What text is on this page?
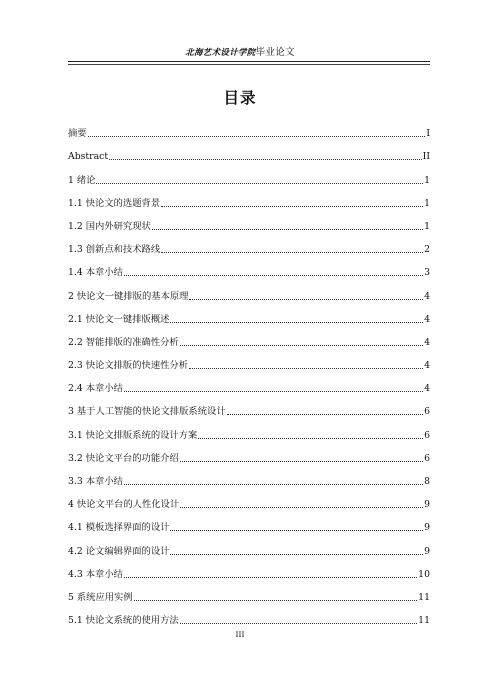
北海艺术设计学院毕业论文
目录
摘要	I
Abstract	II
1 绪论	1
1.1 快论文的选题背景	1
1.2 国内外研究现状	1
1.3 创新点和技术路线	2
1.4 本章小结	3
2 快论文一键排版的基本原理	4
2.1 快论文一键排版概述	4
2.2 智能排版的准确性分析	4
2.3 快论文排版的快速性分析	4
2.4 本章小结	4
3 基于人工智能的快论文排版系统设计	6
3.1 快论文排版系统的设计方案	6
3.2 快论文平台的功能介绍	6
3.3 本章小结	8
4 快论文平台的人性化设计	9
4.1 模板选择界面的设计	9
4.2 论文编辑界面的设计	9
4.3 本章小结	10
5 系统应用实例	11
5.1 快论文系统的使用方法	11
III
